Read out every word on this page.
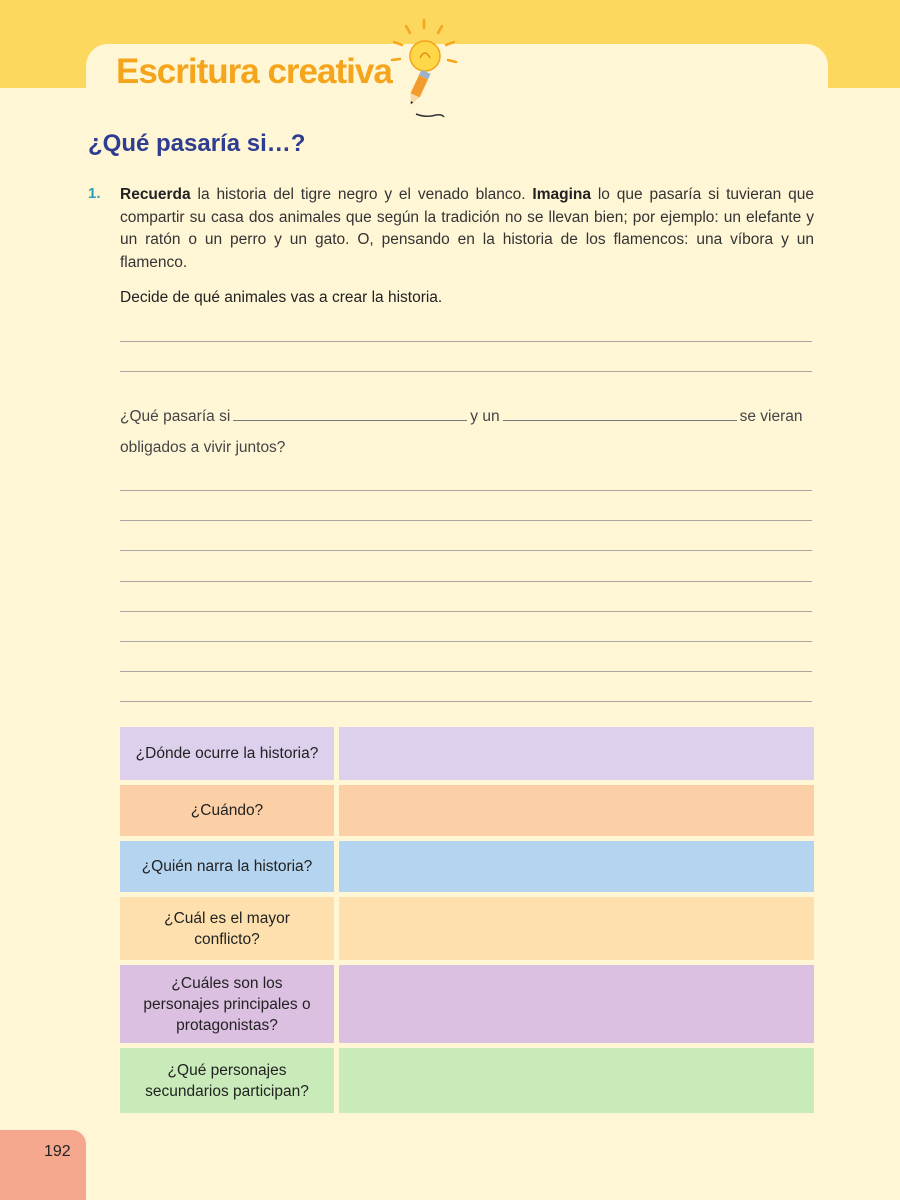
Escritura creativa
¿Qué pasaría si…?
1. Recuerda la historia del tigre negro y el venado blanco. Imagina lo que pasaría si tuvieran que compartir su casa dos animales que según la tradición no se llevan bien; por ejemplo: un elefante y un ratón o un perro y un gato. O, pensando en la historia de los flamencos: una víbora y un flamenco.
Decide de qué animales vas a crear la historia.
¿Qué pasaría si	y un	se vieran
obligados a vivir juntos?
¿Dónde ocurre la historia?
¿Cuándo?
¿Quién narra la historia?
¿Cuál es el mayor conflicto?
¿Cuáles son los personajes principales o protagonistas?
¿Qué personajes secundarios participan?
192
